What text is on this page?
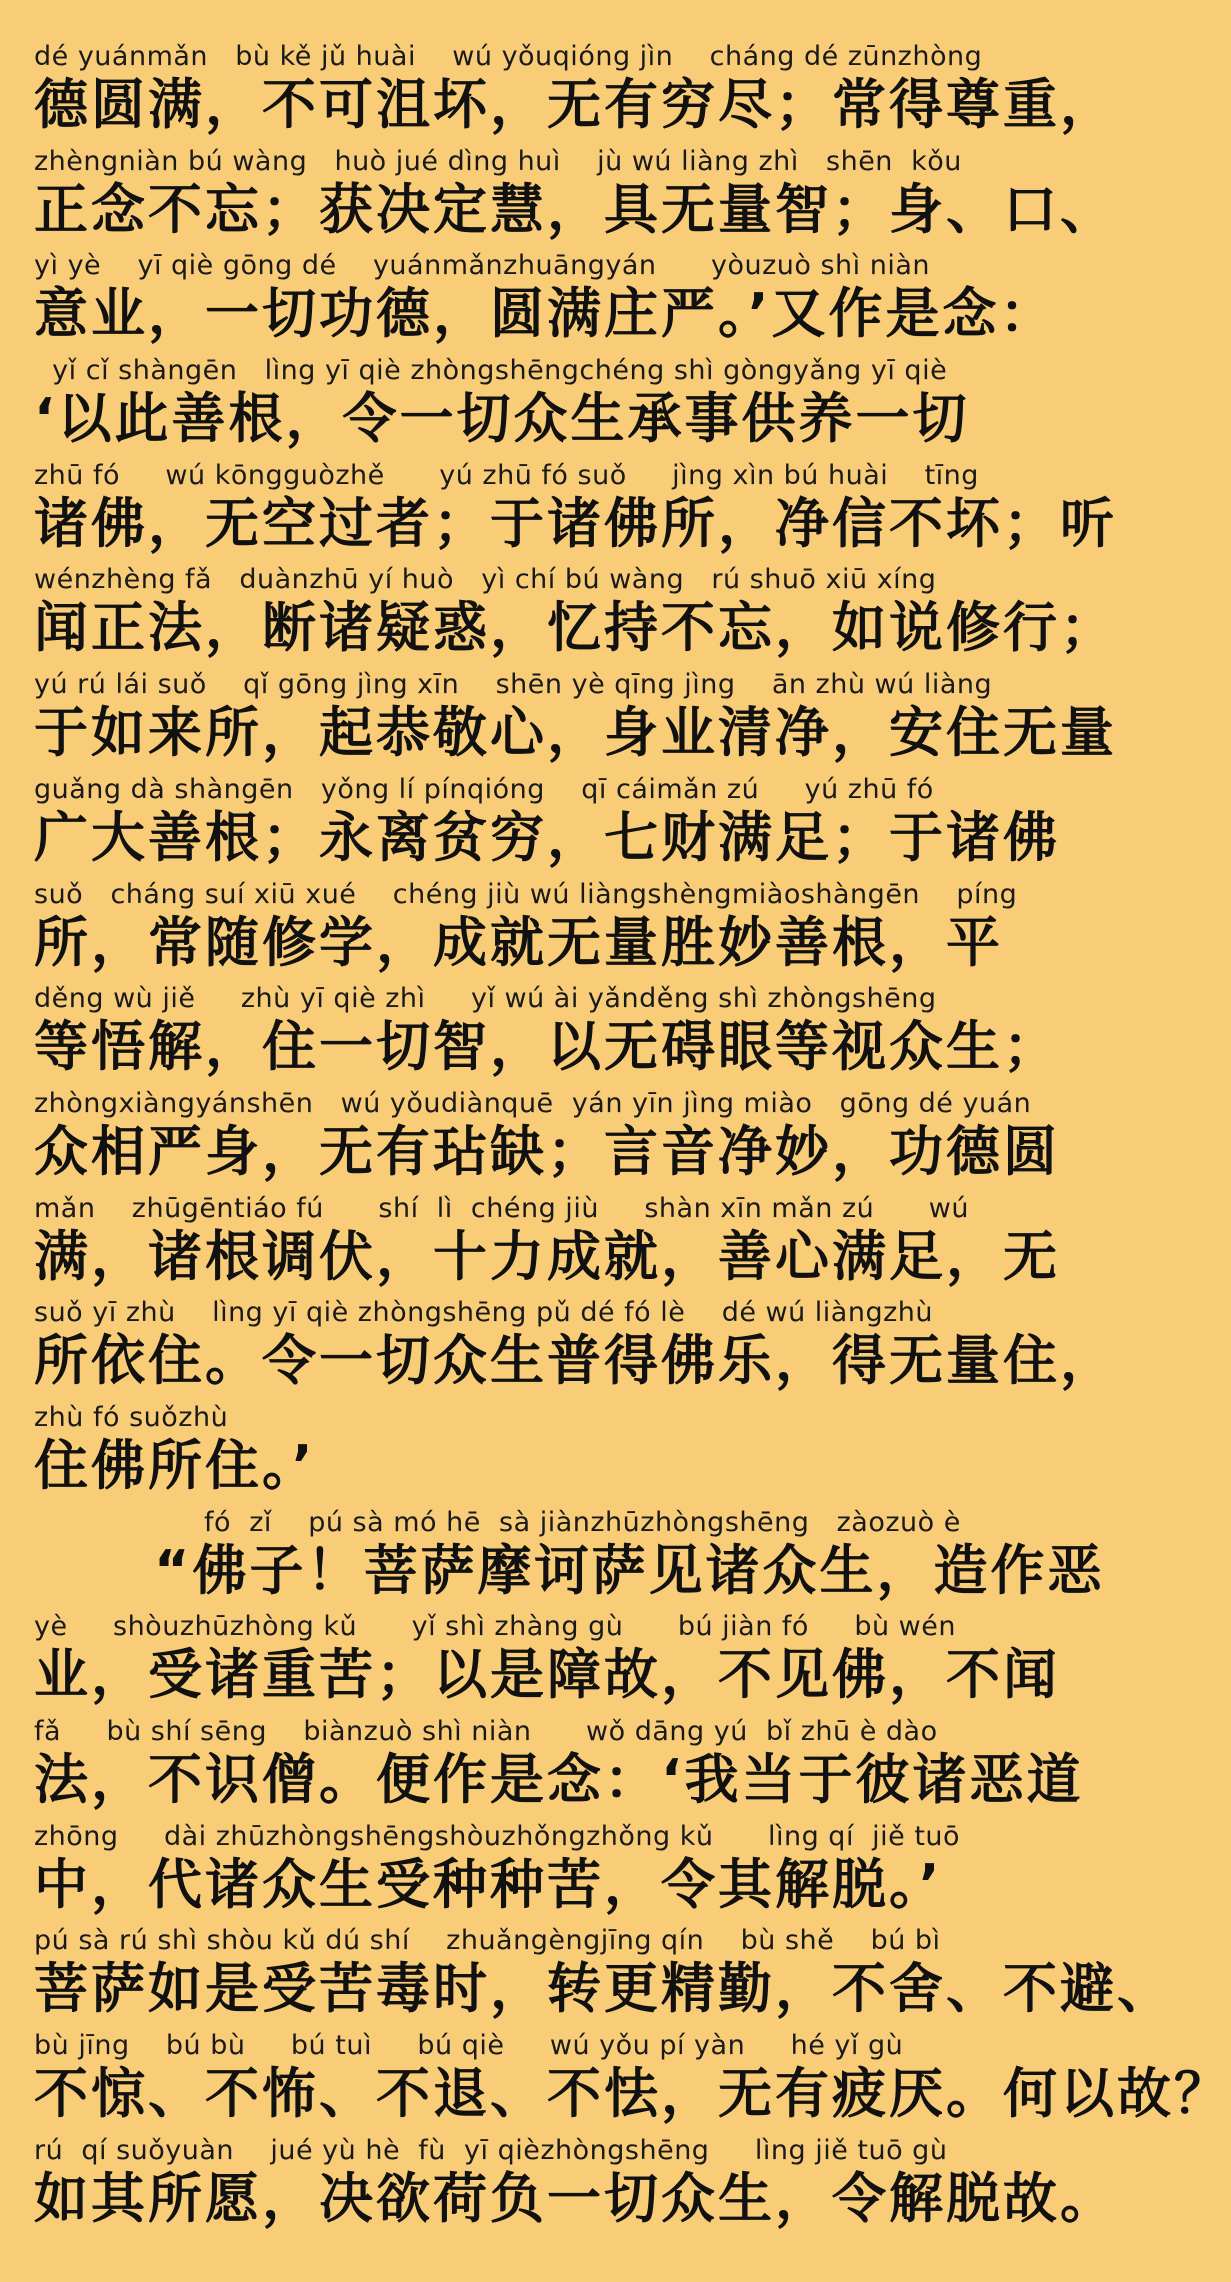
dé yuánmǎn   bù kě jǔ huài    wú yǒuqióng jìn    cháng dé zūnzhòng
德圆满，不可沮坏，无有穷尽；常得尊重，
zhèngniàn bú wàng   huò jué dìng huì    jù wú liàng zhì   shēn  kǒu
正念不忘；获决定慧，具无量智；身、口、
yì yè    yī qiè gōng dé    yuánmǎnzhuāngyán      yòuzuò shì niàn
意业，一切功德，圆满庄严。’又作是念：
yǐ cǐ shàngēn   lìng yī qiè zhòngshēngchéng shì gòngyǎng yī qiè
‘以此善根，令一切众生承事供养一切
zhū fó     wú kōngguòzhě      yú zhū fó suǒ     jìng xìn bú huài    tīng
诸佛，无空过者；于诸佛所，净信不坏；听
wénzhèng fǎ   duànzhū yí huò   yì chí bú wàng   rú shuō xiū xíng
闻正法，断诸疑惑，忆持不忘，如说修行；
yú rú lái suǒ    qǐ gōng jìng xīn    shēn yè qīng jìng    ān zhù wú liàng
于如来所，起恭敬心，身业清净，安住无量
guǎng dà shàngēn   yǒng lí pínqióng    qī cáimǎn zú     yú zhū fó
广大善根；永离贫穷，七财满足；于诸佛
suǒ   cháng suí xiū xué    chéng jiù wú liàngshèngmiàoshàngēn    píng
所，常随修学，成就无量胜妙善根，平
děng wù jiě     zhù yī qiè zhì     yǐ wú ài yǎnděng shì zhòngshēng
等悟解，住一切智，以无碍眼等视众生；
zhòngxiàngyánshēn   wú yǒudiànquē  yán yīn jìng miào   gōng dé yuán
众相严身，无有玷缺；言音净妙，功德圆
mǎn    zhūgēntiáo fú      shí  lì  chéng jiù     shàn xīn mǎn zú      wú
满，诸根调伏，十力成就，善心满足，无
suǒ yī zhù    lìng yī qiè zhòngshēng pǔ dé fó lè    dé wú liàngzhù
所依住。令一切众生普得佛乐，得无量住，
zhù fó suǒzhù
住佛所住。’
fó  zǐ    pú sà mó hē  sà jiànzhūzhòngshēng   zàozuò è
“佛子！菩萨摩诃萨见诸众生，造作恶
yè     shòuzhūzhòng kǔ      yǐ shì zhàng gù      bú jiàn fó     bù wén
业，受诸重苦；以是障故，不见佛，不闻
fǎ     bù shí sēng    biànzuò shì niàn      wǒ dāng yú  bǐ zhū è dào
法，不识僧。便作是念：‘我当于彼诸恶道
zhōng     dài zhūzhòngshēngshòuzhǒngzhǒng kǔ      lìng qí  jiě tuō
中，代诸众生受种种苦，令其解脱。’
pú sà rú shì shòu kǔ dú shí    zhuǎngèngjīng qín    bù shě    bú bì
菩萨如是受苦毒时，转更精勤，不舍、不避、
bù jīng    bú bù     bú tuì     bú qiè     wú yǒu pí yàn     hé yǐ gù
不惊、不怖、不退、不怯，无有疲厌。何以故？
rú  qí suǒyuàn    jué yù hè  fù  yī qièzhòngshēng     lìng jiě tuō gù
如其所愿，决欲荷负一切众生，令解脱故。
